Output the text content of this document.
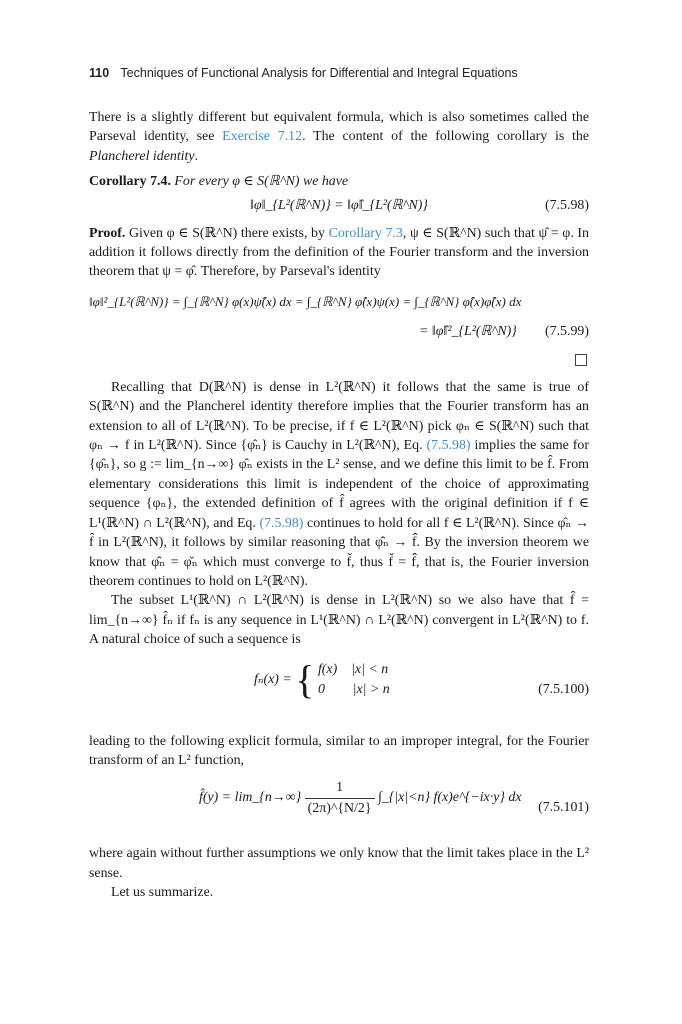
110 Techniques of Functional Analysis for Differential and Integral Equations

There is a slightly different but equivalent formula, which is also sometimes called the Parseval identity, see Exercise 7.12. The content of the following corollary is the Plancherel identity.

Corollary 7.4. For every φ ∈ S(ℝ^N) we have

‖φ‖_{L²(ℝ^N)} = ‖φ̂‖_{L²(ℝ^N)}	(7.5.98)

Proof. Given φ ∈ S(ℝ^N) there exists, by Corollary 7.3, ψ ∈ S(ℝ^N) such that ψ̂ = φ. In addition it follows directly from the definition of the Fourier transform and the inversion theorem that ψ = φ̂. Therefore, by Parseval's identity

‖φ‖²_{L²(ℝ^N)} = ∫_{ℝ^N} φ(x)ψ̂(x) dx = ∫_{ℝ^N} φ̂(x)ψ(x) = ∫_{ℝ^N} φ̂(x)φ̂(x) dx
= ‖φ̂‖²_{L²(ℝ^N)}	(7.5.99)

Recalling that D(ℝ^N) is dense in L²(ℝ^N) it follows that the same is true of S(ℝ^N) and the Plancherel identity therefore implies that the Fourier transform has an extension to all of L²(ℝ^N). To be precise, if f ∈ L²(ℝ^N) pick φₙ ∈ S(ℝ^N) such that φₙ → f in L²(ℝ^N). Since {φ̂ₙ} is Cauchy in L²(ℝ^N), Eq. (7.5.98) implies the same for {φ̂ₙ}, so g := lim_{n→∞} φ̂ₙ exists in the L² sense, and we define this limit to be f̂. From elementary considerations this limit is independent of the choice of approximating sequence {φₙ}, the extended definition of f̂ agrees with the original definition if f ∈ L¹(ℝ^N) ∩ L²(ℝ^N), and Eq. (7.5.98) continues to hold for all f ∈ L²(ℝ^N). Since φ̂ₙ → f̂ in L²(ℝ^N), it follows by similar reasoning that φ̂̂ₙ → f̂̂. By the inversion theorem we know that φ̂̂ₙ = φ̌ₙ which must converge to f̌, thus f̌ = f̂̂, that is, the Fourier inversion theorem continues to hold on L²(ℝ^N).

The subset L¹(ℝ^N) ∩ L²(ℝ^N) is dense in L²(ℝ^N) so we also have that f̂ = lim_{n→∞} f̂ₙ if fₙ is any sequence in L¹(ℝ^N) ∩ L²(ℝ^N) convergent in L²(ℝ^N) to f. A natural choice of such a sequence is

fₙ(x) = { f(x) |x| < n
0 |x| > n	(7.5.100)

leading to the following explicit formula, similar to an improper integral, for the Fourier transform of an L² function,

f̂(y) = lim_{n→∞} $\frac{1}{(2\pi)\^{}\{N/2\}}$ ∫_{|x|<n} f(x)e^{−ix·y} dx
(7.5.101)

where again without further assumptions we only know that the limit takes place in the L² sense.

Let us summarize.
